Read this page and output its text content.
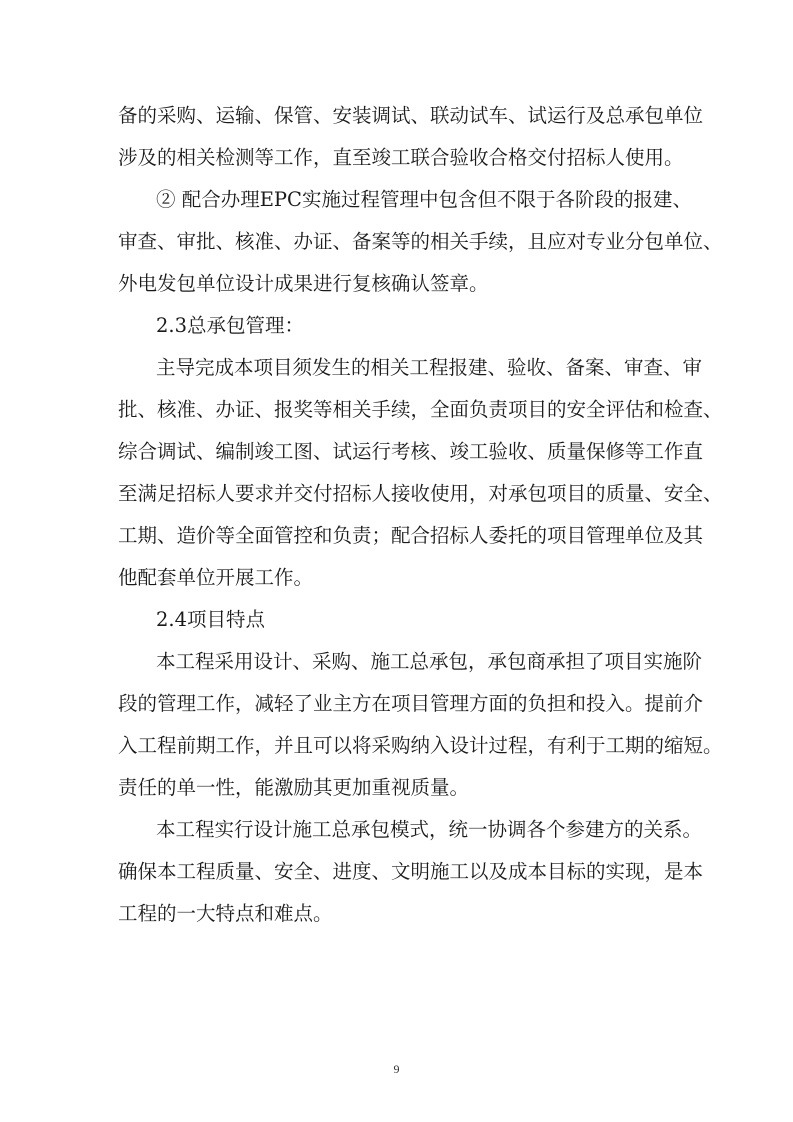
备的采购、运输、保管、安装调试、联动试车、试运行及总承包单位
涉及的相关检测等工作，直至竣工联合验收合格交付招标人使用。
② 配合办理EPC实施过程管理中包含但不限于各阶段的报建、
审查、审批、核准、办证、备案等的相关手续，且应对专业分包单位、
外电发包单位设计成果进行复核确认签章。
2.3总承包管理：
主导完成本项目须发生的相关工程报建、验收、备案、审查、审
批、核准、办证、报奖等相关手续，全面负责项目的安全评估和检查、
综合调试、编制竣工图、试运行考核、竣工验收、质量保修等工作直
至满足招标人要求并交付招标人接收使用，对承包项目的质量、安全、
工期、造价等全面管控和负责；配合招标人委托的项目管理单位及其
他配套单位开展工作。
2.4项目特点
本工程采用设计、采购、施工总承包，承包商承担了项目实施阶
段的管理工作，减轻了业主方在项目管理方面的负担和投入。提前介
入工程前期工作，并且可以将采购纳入设计过程，有利于工期的缩短。
责任的单一性，能激励其更加重视质量。
本工程实行设计施工总承包模式，统一协调各个参建方的关系。
确保本工程质量、安全、进度、文明施工以及成本目标的实现，是本
工程的一大特点和难点。
9
